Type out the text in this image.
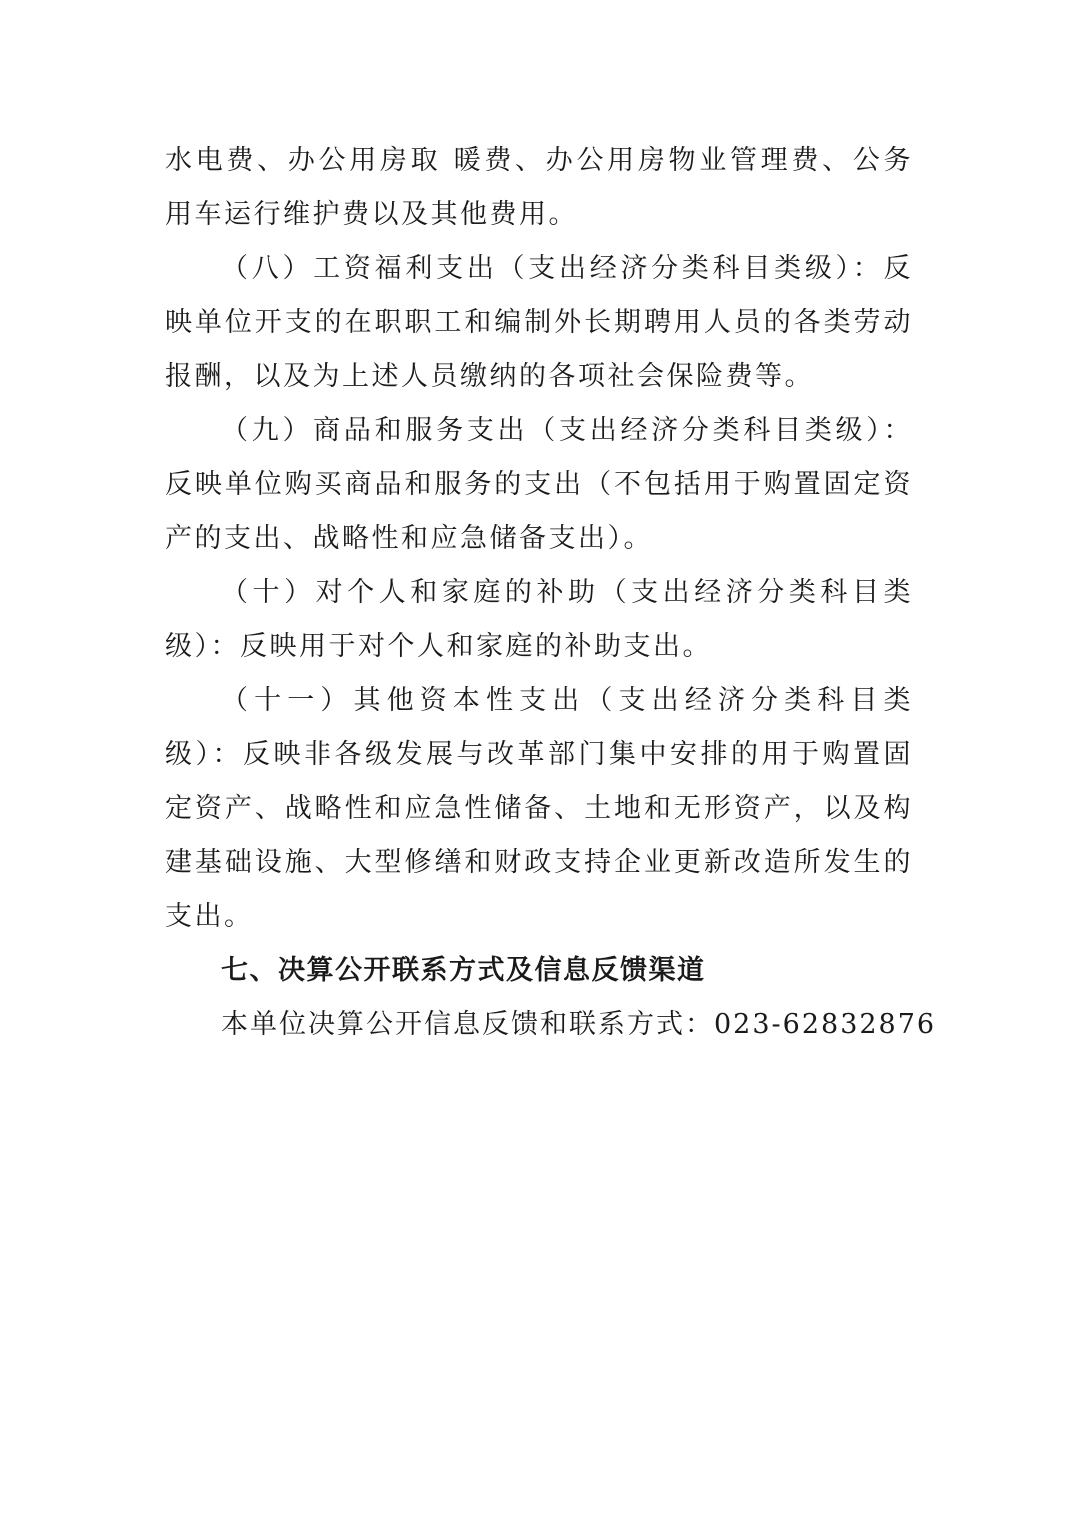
水电费、办公用房取 暖费、办公用房物业管理费、公务用车运行维护费以及其他费用。

（八）工资福利支出（支出经济分类科目类级）：反映单位开支的在职职工和编制外长期聘用人员的各类劳动报酬，以及为上述人员缴纳的各项社会保险费等。

（九）商品和服务支出（支出经济分类科目类级）：反映单位购买商品和服务的支出（不包括用于购置固定资产的支出、战略性和应急储备支出）。

（十）对个人和家庭的补助（支出经济分类科目类级）：反映用于对个人和家庭的补助支出。

（十一）其他资本性支出（支出经济分类科目类级）：反映非各级发展与改革部门集中安排的用于购置固定资产、战略性和应急性储备、土地和无形资产，以及构建基础设施、大型修缮和财政支持企业更新改造所发生的支出。

七、决算公开联系方式及信息反馈渠道

本单位决算公开信息反馈和联系方式：023-62832876
